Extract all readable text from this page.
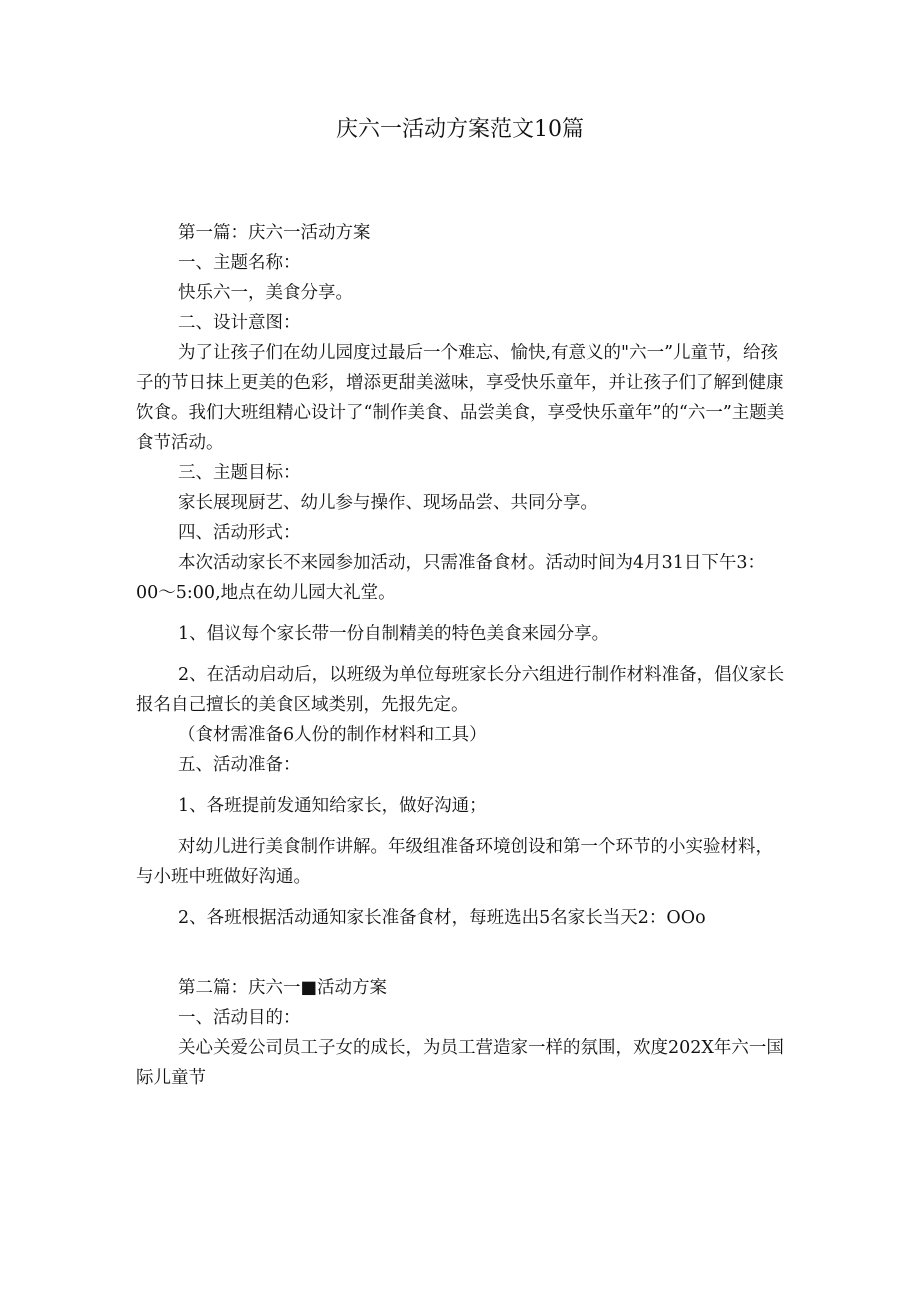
庆六一活动方案范文10篇

第一篇：庆六一活动方案

一、主题名称：

快乐六一，美食分享。

二、设计意图：

为了让孩子们在幼儿园度过最后一个难忘、愉快,有意义的"六一”儿童节，给孩子的节日抹上更美的色彩，增添更甜美滋味，享受快乐童年，并让孩子们了解到健康饮食。我们大班组精心设计了“制作美食、品尝美食，享受快乐童年”的“六一”主题美食节活动。

三、主题目标：

家长展现厨艺、幼儿参与操作、现场品尝、共同分享。

四、活动形式：

本次活动家长不来园参加活动，只需准备食材。活动时间为4月31日下午3：00〜5:00,地点在幼儿园大礼堂。

1、倡议每个家长带一份自制精美的特色美食来园分享。

2、在活动启动后，以班级为单位每班家长分六组进行制作材料准备，倡仪家长报名自己擅长的美食区域类别，先报先定。

（食材需准备6人份的制作材料和工具）

五、活动准备：

1、各班提前发通知给家长，做好沟通；

对幼儿进行美食制作讲解。年级组准备环境创设和第一个环节的小实验材料，与小班中班做好沟通。

2、各班根据活动通知家长准备食材，每班选出5名家长当天2：OOo

第二篇：庆六一■活动方案

一、活动目的：

关心关爱公司员工子女的成长，为员工营造家一样的氛围，欢度202X年六一国际儿童节
